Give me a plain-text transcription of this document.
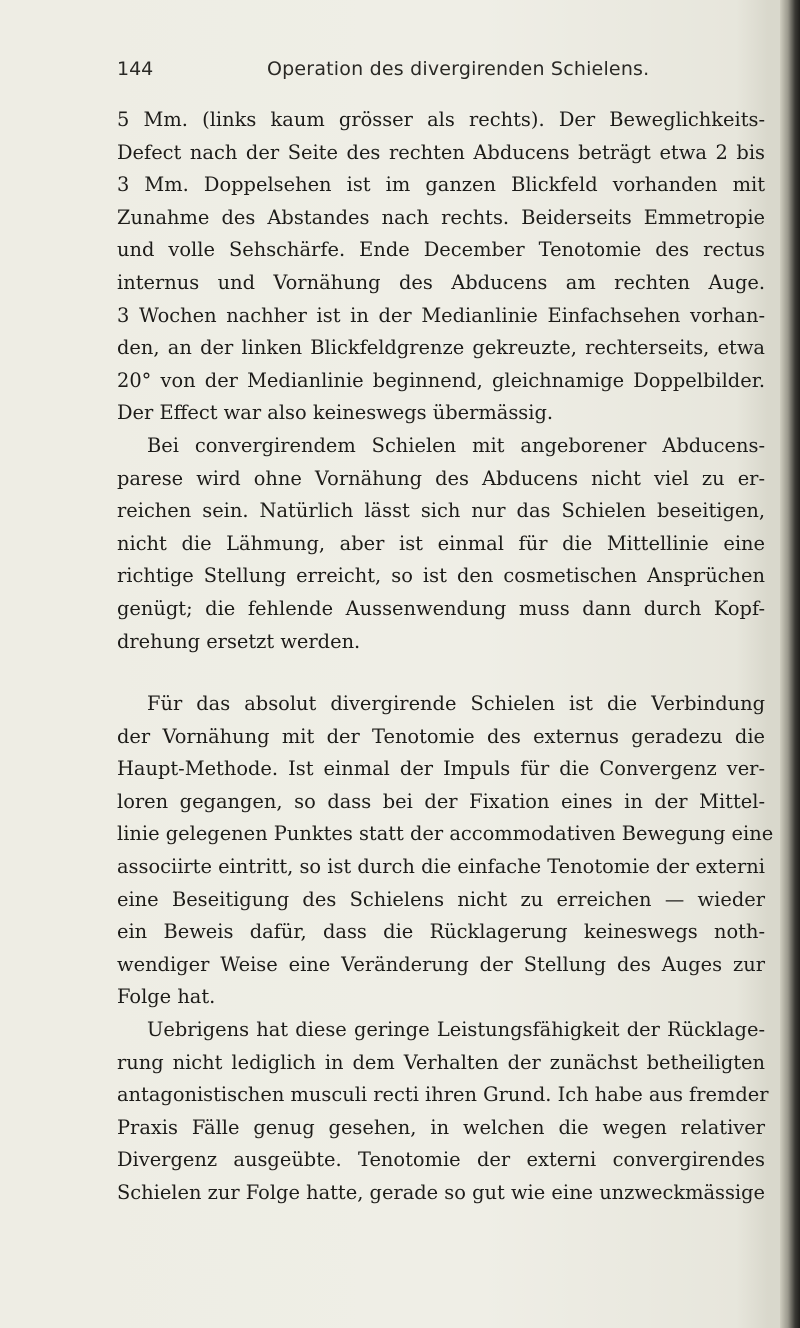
144	Operation des divergirenden Schielens.
5 Mm. (links kaum grösser als rechts). Der Beweglichkeits-
Defect nach der Seite des rechten Abducens beträgt etwa 2 bis
3 Mm. Doppelsehen ist im ganzen Blickfeld vorhanden mit
Zunahme des Abstandes nach rechts. Beiderseits Emmetropie
und volle Sehschärfe. Ende December Tenotomie des rectus
internus und Vornähung des Abducens am rechten Auge.
3 Wochen nachher ist in der Medianlinie Einfachsehen vorhan-
den, an der linken Blickfeldgrenze gekreuzte, rechterseits, etwa
20° von der Medianlinie beginnend, gleichnamige Doppelbilder.
Der Effect war also keineswegs übermässig.
Bei convergirendem Schielen mit angeborener Abducens-
parese wird ohne Vornähung des Abducens nicht viel zu er-
reichen sein. Natürlich lässt sich nur das Schielen beseitigen,
nicht die Lähmung, aber ist einmal für die Mittellinie eine
richtige Stellung erreicht, so ist den cosmetischen Ansprüchen
genügt; die fehlende Aussenwendung muss dann durch Kopf-
drehung ersetzt werden.
Für das absolut divergirende Schielen ist die Verbindung
der Vornähung mit der Tenotomie des externus geradezu die
Haupt-Methode. Ist einmal der Impuls für die Convergenz ver-
loren gegangen, so dass bei der Fixation eines in der Mittel-
linie gelegenen Punktes statt der accommodativen Bewegung eine
associirte eintritt, so ist durch die einfache Tenotomie der externi
eine Beseitigung des Schielens nicht zu erreichen — wieder
ein Beweis dafür, dass die Rücklagerung keineswegs noth-
wendiger Weise eine Veränderung der Stellung des Auges zur
Folge hat.
Uebrigens hat diese geringe Leistungsfähigkeit der Rücklage-
rung nicht lediglich in dem Verhalten der zunächst betheiligten
antagonistischen musculi recti ihren Grund. Ich habe aus fremder
Praxis Fälle genug gesehen, in welchen die wegen relativer
Divergenz ausgeübte. Tenotomie der externi convergirendes
Schielen zur Folge hatte, gerade so gut wie eine unzweckmässige
